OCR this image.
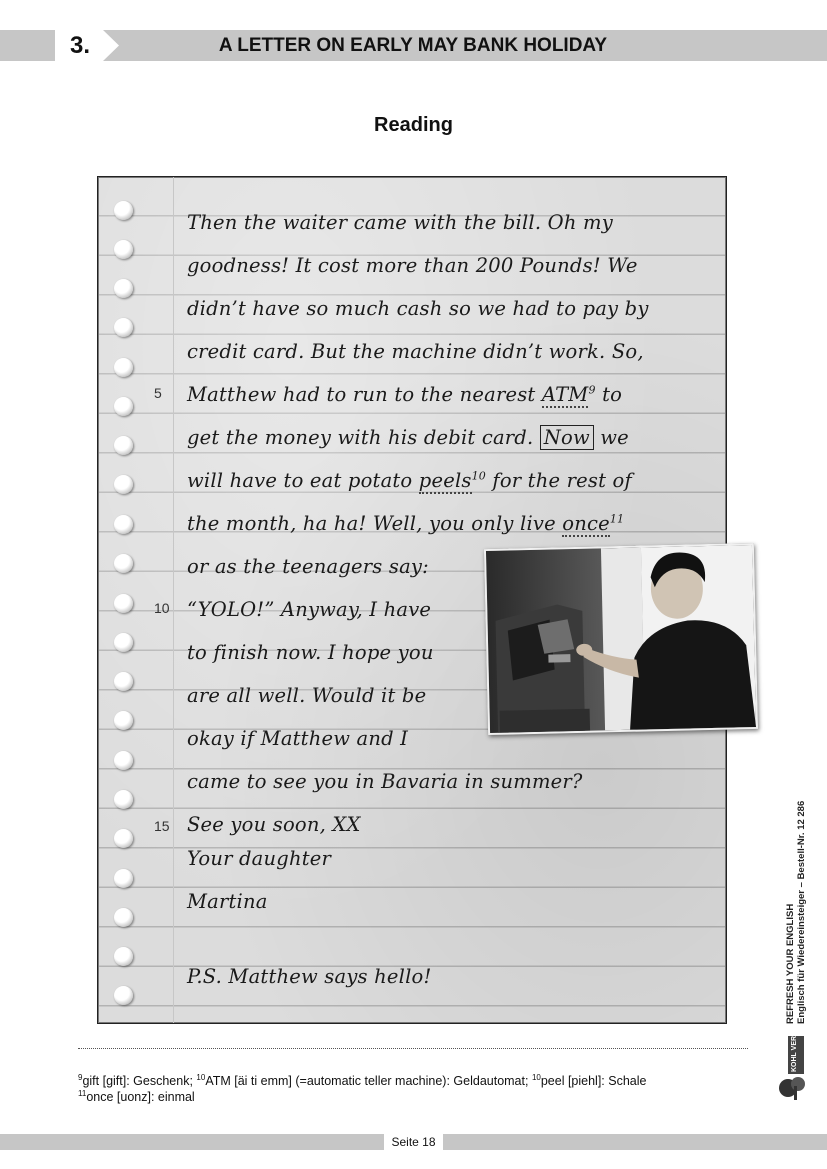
3.	A LETTER ON EARLY MAY BANK HOLIDAY
Reading
5
10
15
Then the waiter came with the bill. Oh my
goodness! It cost more than 200 Pounds! We
didn’t have so much cash so we had to pay by
credit card. But the machine didn’t work. So,
Matthew had to run to the nearest ATM$^9$ to
get the money with his debit card. Now we
will have to eat potato peels$^{10}$ for the rest of
the month, ha ha! Well, you only live once$^{11}$
or as the teenagers say:
“YOLO!” Anyway, I have
to finish now. I hope you
are all well. Would it be
okay if Matthew and I
came to see you in Bavaria in summer?
See you soon, XX
Your daughter
Martina
P.S. Matthew says hello!	REFRESH YOUR ENGLISH Englisch für Wiedereinsteiger – Bestell-Nr. 12 286
KOHL VERLAG
$^9$gift [gift]: Geschenk; $^{10}$ATM [äi ti emm] (=automatic teller machine): Geldautomat; $^{10}$peel [piehl]: Schale
$^{11}$once [uonz]: einmal
Seite 18
